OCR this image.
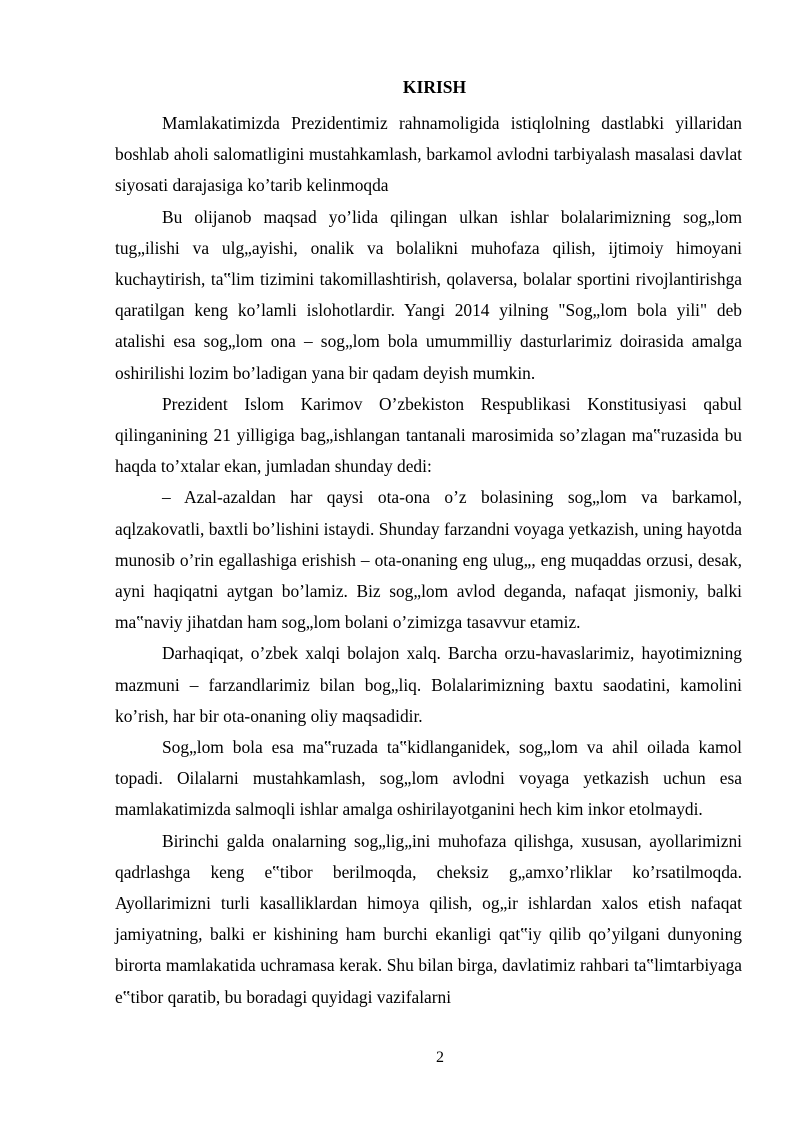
KIRISH

Mamlakatimizda Prezidentimiz rahnamoligida istiqlolning dastlabki yillaridan boshlab aholi salomatligini mustahkamlash, barkamol avlodni tarbiyalash masalasi davlat siyosati darajasiga ko’tarib kelinmoqda

Bu olijanob maqsad yo’lida qilingan ulkan ishlar bolalarimizning sog„lom tug„ilishi va ulg„ayishi, onalik va bolalikni muhofaza qilish, ijtimoiy himoyani kuchaytirish, ta‟lim tizimini takomillashtirish, qolaversa, bolalar sportini rivojlantirishga qaratilgan keng ko’lamli islohotlardir. Yangi 2014 yilning "Sog„lom bola yili" deb atalishi esa sog„lom ona – sog„lom bola umummilliy dasturlarimiz doirasida amalga oshirilishi lozim bo’ladigan yana bir qadam deyish mumkin.

Prezident Islom Karimov O’zbekiston Respublikasi Konstitusiyasi qabul qilinganining 21 yilligiga bag„ishlangan tantanali marosimida so’zlagan ma‟ruzasida bu haqda to’xtalar ekan, jumladan shunday dedi:

– Azal-azaldan har qaysi ota-ona o’z bolasining sog„lom va barkamol, aqlzakovatli, baxtli bo’lishini istaydi. Shunday farzandni voyaga yetkazish, uning hayotda munosib o’rin egallashiga erishish – ota-onaning eng ulug„, eng muqaddas orzusi, desak, ayni haqiqatni aytgan bo’lamiz. Biz sog„lom avlod deganda, nafaqat jismoniy, balki ma‟naviy jihatdan ham sog„lom bolani o’zimizga tasavvur etamiz.

Darhaqiqat, o’zbek xalqi bolajon xalq. Barcha orzu-havaslarimiz, hayotimizning mazmuni – farzandlarimiz bilan bog„liq. Bolalarimizning baxtu saodatini, kamolini ko’rish, har bir ota-onaning oliy maqsadidir.

Sog„lom bola esa ma‟ruzada ta‟kidlanganidek, sog„lom va ahil oilada kamol topadi. Oilalarni mustahkamlash, sog„lom avlodni voyaga yetkazish uchun esa mamlakatimizda salmoqli ishlar amalga oshirilayotganini hech kim inkor etolmaydi.

Birinchi galda onalarning sog„lig„ini muhofaza qilishga, xususan, ayollarimizni qadrlashga keng e‟tibor berilmoqda, cheksiz g„amxo’rliklar ko’rsatilmoqda. Ayollarimizni turli kasalliklardan himoya qilish, og„ir ishlardan xalos etish nafaqat jamiyatning, balki er kishining ham burchi ekanligi qat‟iy qilib qo’yilgani dunyoning birorta mamlakatida uchramasa kerak. Shu bilan birga, davlatimiz rahbari ta‟limtarbiyaga e‟tibor qaratib, bu boradagi quyidagi vazifalarni

2
